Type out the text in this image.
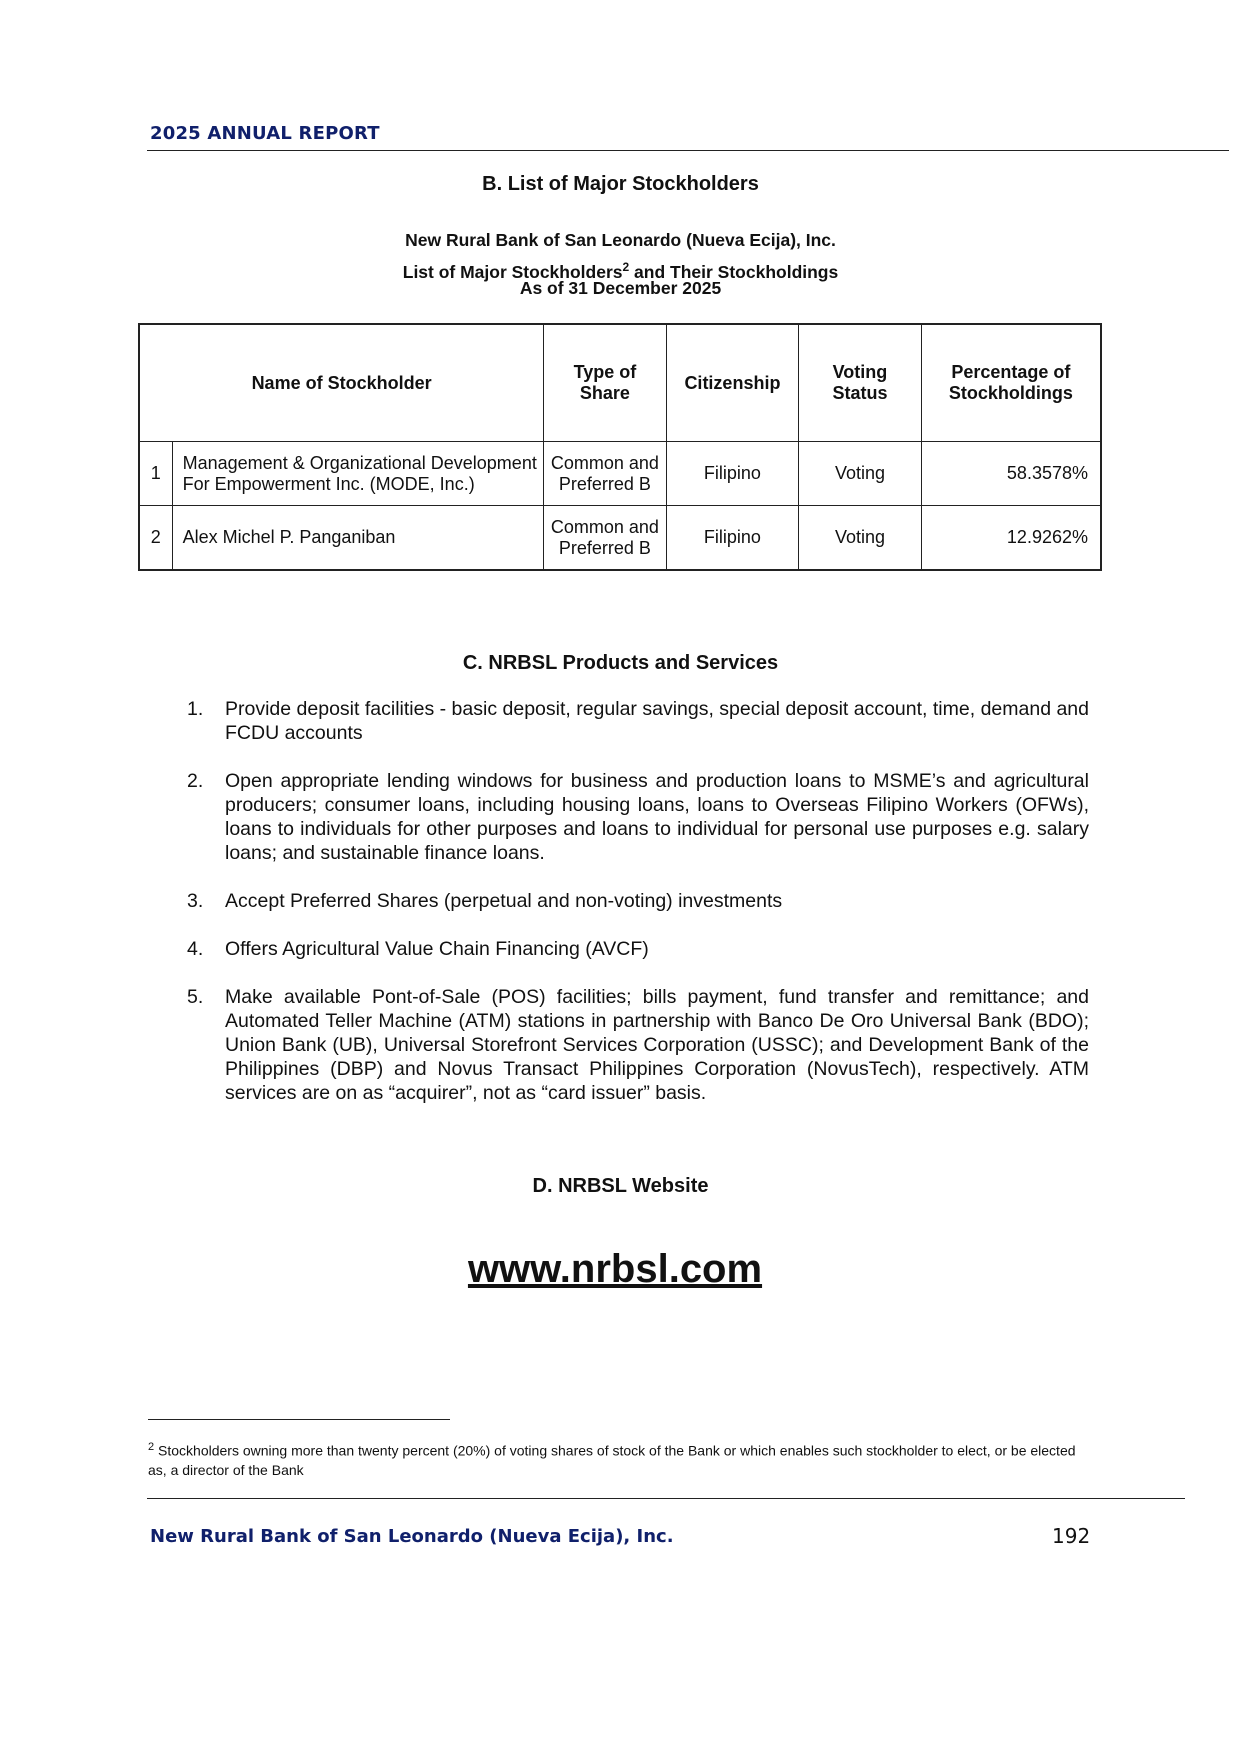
2025 ANNUAL REPORT
B. List of Major Stockholders
New Rural Bank of San Leonardo (Nueva Ecija), Inc.
List of Major Stockholders$^2$ and Their Stockholdings
As of 31 December 2025
Name of Stockholder		Type of Share	Citizenship	Voting Status	Percentage of Stockholdings
1	Management & Organizational Development For Empowerment Inc. (MODE, Inc.)	Common and Preferred B	Filipino	Voting	58.3578%
2	Alex Michel P. Panganiban	Common and Preferred B	Filipino	Voting	12.9262%
C. NRBSL Products and Services
1. Provide deposit facilities - basic deposit, regular savings, special deposit account, time, demand and FCDU accounts
2. Open appropriate lending windows for business and production loans to MSME’s and agricultural producers; consumer loans, including housing loans, loans to Overseas Filipino Workers (OFWs), loans to individuals for other purposes and loans to individual for personal use purposes e.g. salary loans; and sustainable finance loans.
3. Accept Preferred Shares (perpetual and non-voting) investments
4. Offers Agricultural Value Chain Financing (AVCF)
5. Make available Pont-of-Sale (POS) facilities; bills payment, fund transfer and remittance; and Automated Teller Machine (ATM) stations in partnership with Banco De Oro Universal Bank (BDO); Union Bank (UB), Universal Storefront Services Corporation (USSC); and Development Bank of the Philippines (DBP) and Novus Transact Philippines Corporation (NovusTech), respectively. ATM services are on as “acquirer”, not as “card issuer” basis.
D. NRBSL Website
www.nrbsl.com
$^2$ Stockholders owning more than twenty percent (20%) of voting shares of stock of the Bank or which enables such stockholder to elect, or be elected as, a director of the Bank
New Rural Bank of San Leonardo (Nueva Ecija), Inc.	192
